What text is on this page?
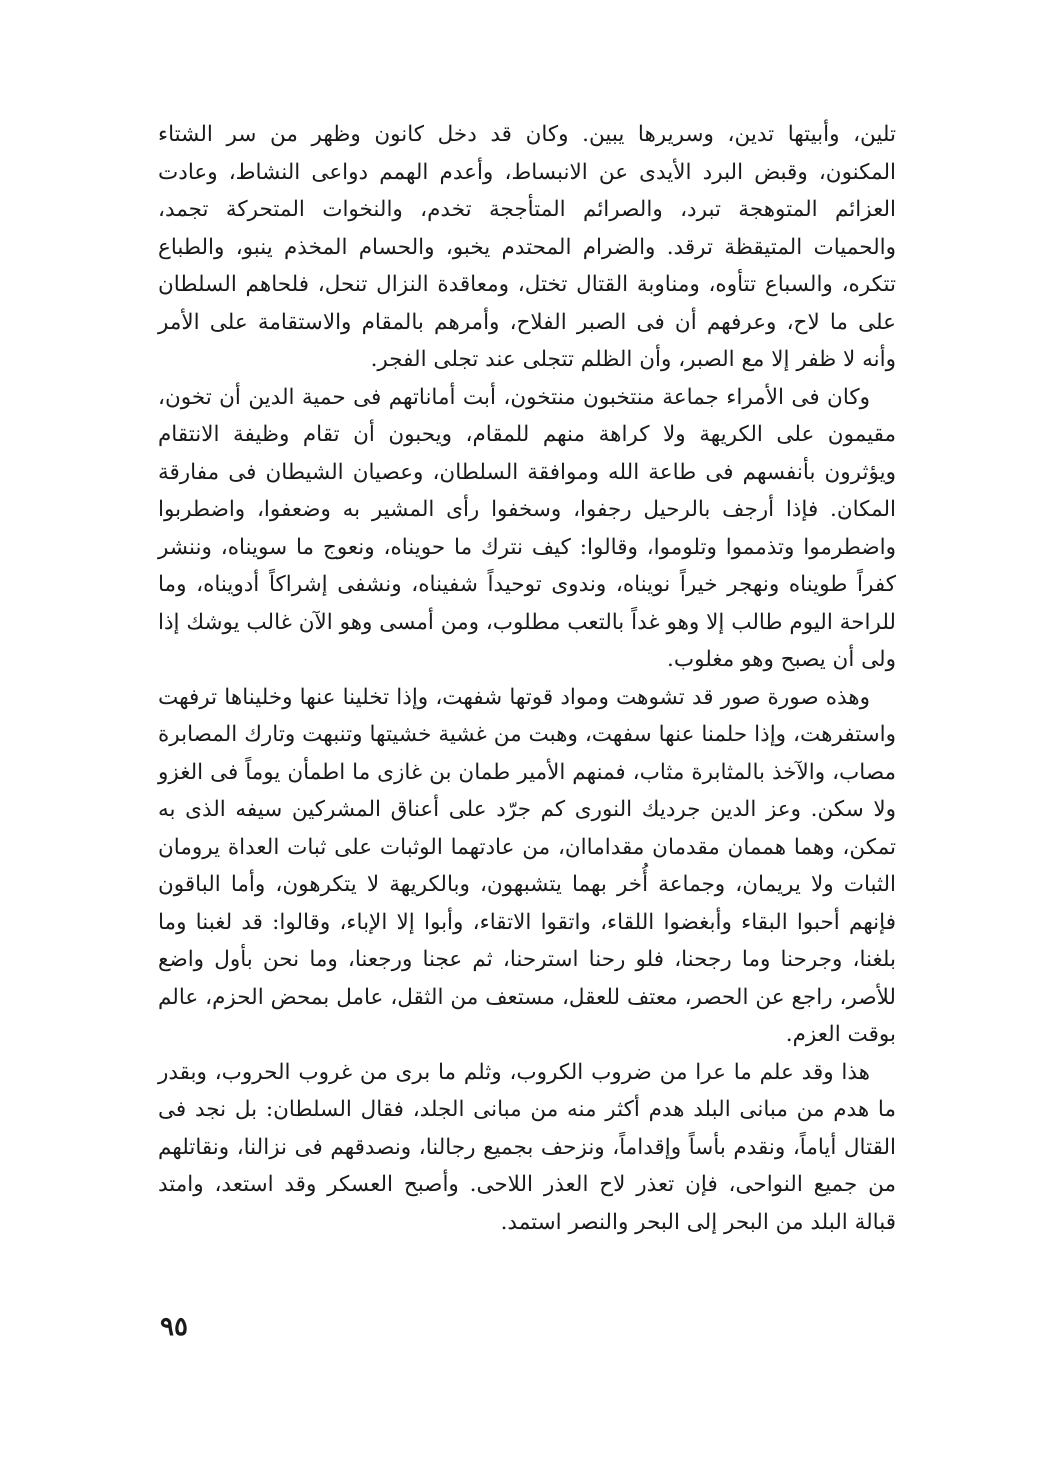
تلين، وأبيتها تدين، وسريرها يبين. وكان قد دخل كانون وظهر من سر الشتاء المكنون، وقبض البرد الأيدى عن الانبساط، وأعدم الهمم دواعى النشاط، وعادت العزائم المتوهجة تبرد، والصرائم المتأججة تخدم، والنخوات المتحركة تجمد، والحميات المتيقظة ترقد. والضرام المحتدم يخبو، والحسام المخذم ينبو، والطباع تتكره، والسباع تتأوه، ومناوبة القتال تختل، ومعاقدة النزال تنحل، فلحاهم السلطان على ما لاح، وعرفهم أن فى الصبر الفلاح، وأمرهم بالمقام والاستقامة على الأمر وأنه لا ظفر إلا مع الصبر، وأن الظلم تتجلى عند تجلى الفجر.

وكان فى الأمراء جماعة منتخبون منتخون، أبت أماناتهم فى حمية الدين أن تخون، مقيمون على الكريهة ولا كراهة منهم للمقام، ويحبون أن تقام وظيفة الانتقام ويؤثرون بأنفسهم فى طاعة الله وموافقة السلطان، وعصيان الشيطان فى مفارقة المكان. فإذا أرجف بالرحيل رجفوا، وسخفوا رأى المشير به وضعفوا، واضطربوا واضطرموا وتذمموا وتلوموا، وقالوا: كيف نترك ما حويناه، ونعوج ما سويناه، وننشر كفراً طويناه ونهجر خيراً نويناه، وندوى توحيداً شفيناه، ونشفى إشراكاً أدويناه، وما للراحة اليوم طالب إلا وهو غداً بالتعب مطلوب، ومن أمسى وهو الآن غالب يوشك إذا ولى أن يصبح وهو مغلوب.

وهذه صورة صور قد تشوهت ومواد قوتها شفهت، وإذا تخلينا عنها وخليناها ترفهت واستفرهت، وإذا حلمنا عنها سفهت، وهبت من غشية خشيتها وتنبهت وتارك المصابرة مصاب، والآخذ بالمثابرة مثاب، فمنهم الأمير طمان بن غازى ما اطمأن يوماً فى الغزو ولا سكن. وعز الدين جرديك النورى كم جرّد على أعناق المشركين سيفه الذى به تمكن، وهما هممان مقدمان مقداماان، من عادتهما الوثبات على ثبات العداة يرومان الثبات ولا يريمان، وجماعة أُخر بهما يتشبهون، وبالكريهة لا يتكرهون، وأما الباقون فإنهم أحبوا البقاء وأبغضوا اللقاء، واتقوا الاتقاء، وأبوا إلا الإباء، وقالوا: قد لغبنا وما بلغنا، وجرحنا وما رجحنا، فلو رحنا استرحنا، ثم عجنا ورجعنا، وما نحن بأول واضع للأصر، راجع عن الحصر، معتف للعقل، مستعف من الثقل، عامل بمحض الحزم، عالم بوقت العزم.

هذا وقد علم ما عرا من ضروب الكروب، وثلم ما برى من غروب الحروب، وبقدر ما هدم من مبانى البلد هدم أكثر منه من مبانى الجلد، فقال السلطان: بل نجد فى القتال أياماً، ونقدم بأساً وإقداماً، ونزحف بجميع رجالنا، ونصدقهم فى نزالنا، ونقاتلهم من جميع النواحى، فإن تعذر لاح العذر اللاحى. وأصبح العسكر وقد استعد، وامتد قبالة البلد من البحر إلى البحر والنصر استمد.

٩٥
